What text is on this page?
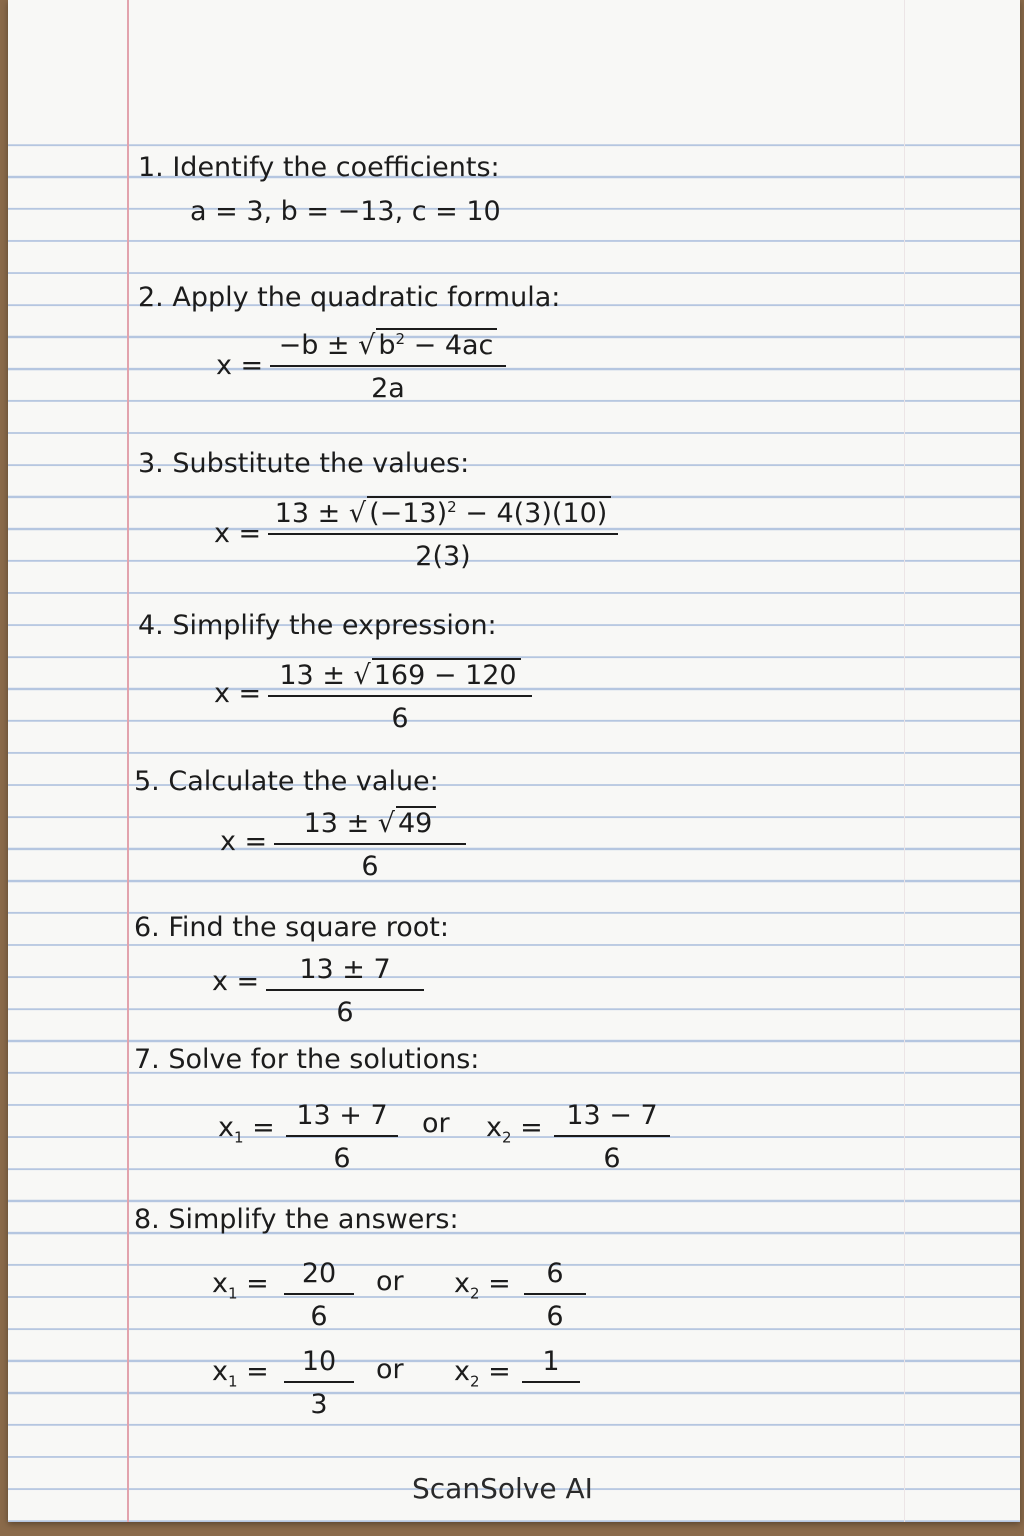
1. Identify the coefficients:
a = 3, b = −13, c = 10
2. Apply the quadratic formula:
x =
−b ± √ $b^2 - 4ac$
2a
3. Substitute the values:
x =
13 ± √ $(-13)^2 - 4(3)(10)$
2(3)
4. Simplify the expression:
x =
13 ± √ 169 − 120
6
5. Calculate the value:
x =
13 ± √ 49
6
6. Find the square root:
x =	13 ± 7
6
7. Solve for the solutions:
$x_1 = 13 + 7$
6
or $x_2 = 13 - 7$
6
8. Simplify the answers:
$x_1$ =	20
6
or $x_2$ =	6
6
$x_1$ =	10
3
or $x_2$ =	1
ScanSolve AI
